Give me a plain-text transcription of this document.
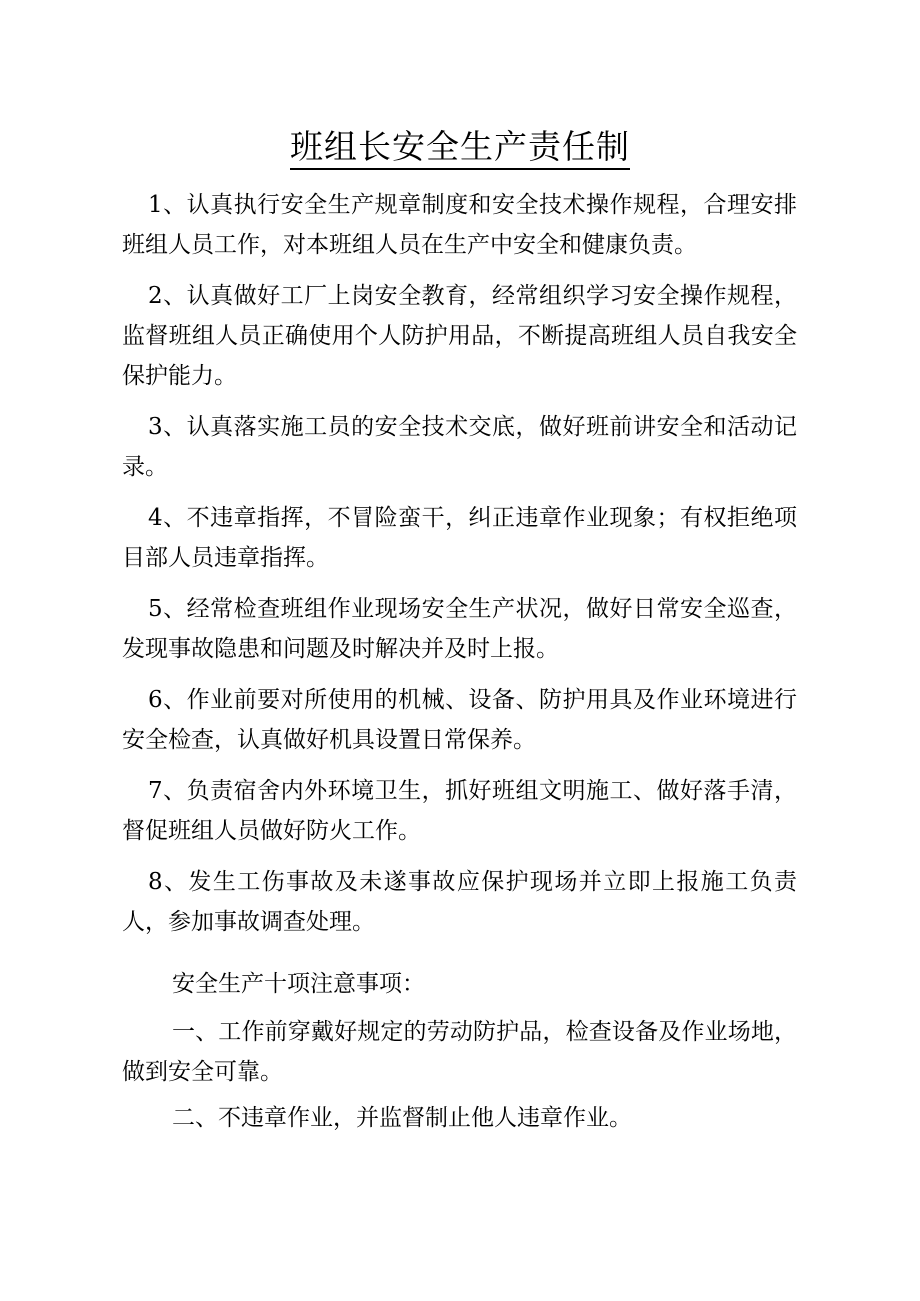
班组长安全生产责任制

1、认真执行安全生产规章制度和安全技术操作规程，合理安排班组人员工作，对本班组人员在生产中安全和健康负责。

2、认真做好工厂上岗安全教育，经常组织学习安全操作规程，监督班组人员正确使用个人防护用品，不断提高班组人员自我安全保护能力。

3、认真落实施工员的安全技术交底，做好班前讲安全和活动记录。

4、不违章指挥，不冒险蛮干，纠正违章作业现象；有权拒绝项目部人员违章指挥。

5、经常检查班组作业现场安全生产状况，做好日常安全巡查，发现事故隐患和问题及时解决并及时上报。

6、作业前要对所使用的机械、设备、防护用具及作业环境进行安全检查，认真做好机具设置日常保养。

7、负责宿舍内外环境卫生，抓好班组文明施工、做好落手清，督促班组人员做好防火工作。

8、发生工伤事故及未遂事故应保护现场并立即上报施工负责人，参加事故调查处理。

安全生产十项注意事项：

一、工作前穿戴好规定的劳动防护品，检查设备及作业场地，做到安全可靠。

二、不违章作业，并监督制止他人违章作业。
